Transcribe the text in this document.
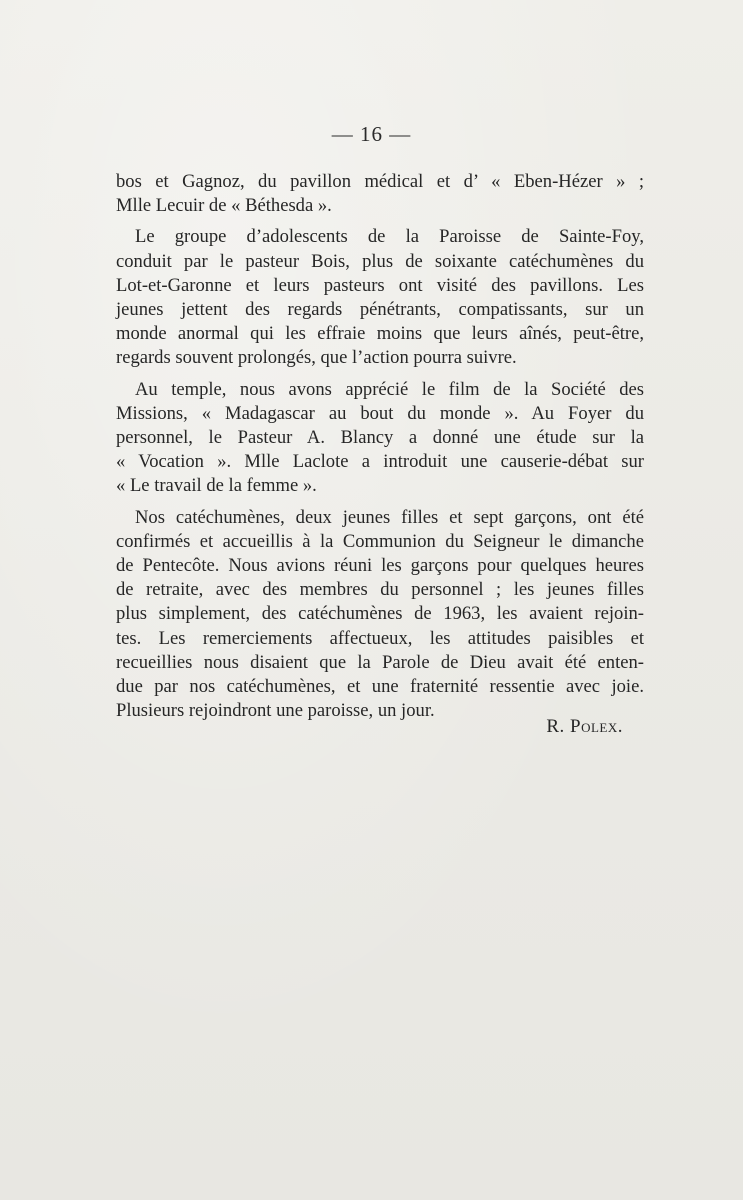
— 16 —

bos et Gagnoz, du pavillon médical et d’ « Eben-Hézer » ;
Mlle Lecuir de « Béthesda ».

Le groupe d’adolescents de la Paroisse de Sainte-Foy,
conduit par le pasteur Bois, plus de soixante catéchumènes du
Lot-et-Garonne et leurs pasteurs ont visité des pavillons. Les
jeunes jettent des regards pénétrants, compatissants, sur un
monde anormal qui les effraie moins que leurs aînés, peut-être,
regards souvent prolongés, que l’action pourra suivre.

Au temple, nous avons apprécié le film de la Société des
Missions, « Madagascar au bout du monde ». Au Foyer du
personnel, le Pasteur A. Blancy a donné une étude sur la
« Vocation ». Mlle Laclote a introduit une causerie-débat sur
« Le travail de la femme ».

Nos catéchumènes, deux jeunes filles et sept garçons, ont été
confirmés et accueillis à la Communion du Seigneur le dimanche
de Pentecôte. Nous avions réuni les garçons pour quelques heures
de retraite, avec des membres du personnel ; les jeunes filles
plus simplement, des catéchumènes de 1963, les avaient rejoin-
tes. Les remerciements affectueux, les attitudes paisibles et
recueillies nous disaient que la Parole de Dieu avait été enten-
due par nos catéchumènes, et une fraternité ressentie avec joie.
Plusieurs rejoindront une paroisse, un jour.

R. Polex.
